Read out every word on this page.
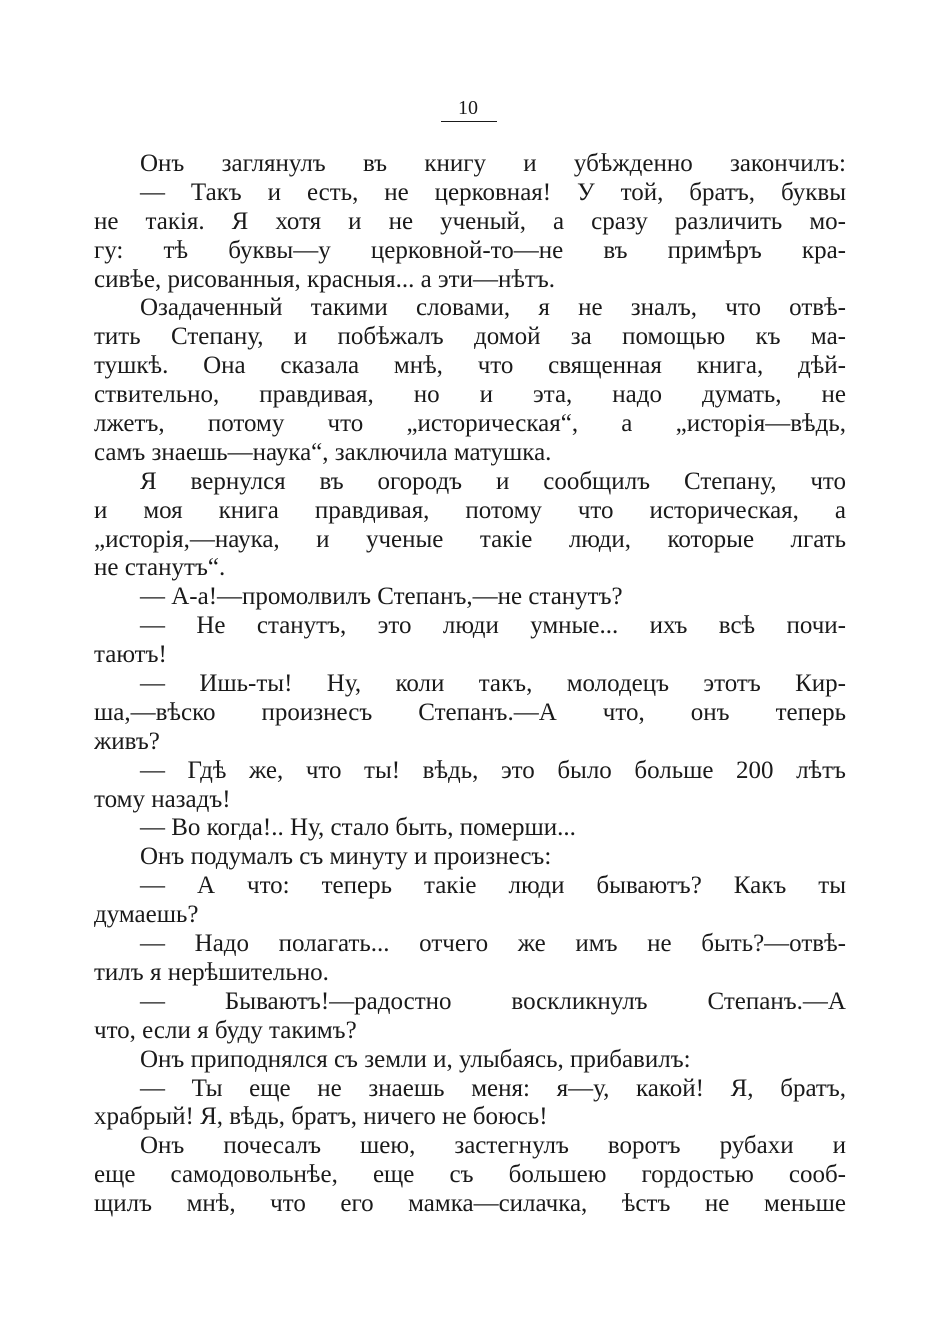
10
Онъ заглянулъ въ книгу и убѣжденно закончилъ:
— Такъ и есть, не церковная! У той, братъ, буквы
не такія. Я хотя и не ученый, а сразу различить мо-
гу: тѣ буквы—у церковной-то—не въ примѣръ кра-
сивѣе, рисованныя, красныя... а эти—нѣтъ.
Озадаченный такими словами, я не зналъ, что отвѣ-
тить Степану, и побѣжалъ домой за помощью къ ма-
тушкѣ. Она сказала мнѣ, что священная книга, дѣй-
ствительно, правдивая, но и эта, надо думать, не
лжетъ, потому что „историческая“, а „исторія—вѣдь,
самъ знаешь—наука“, заключила матушка.
Я вернулся въ огородъ и сообщилъ Степану, что
и моя книга правдивая, потому что историческая, а
„исторія,—наука, и ученые такіе люди, которые лгать
не станутъ“.
— А-а!—промолвилъ Степанъ,—не станутъ?
— Не станутъ, это люди умные... ихъ всѣ почи-
таютъ!
— Ишь-ты! Ну, коли такъ, молодецъ этотъ Кир-
ша,—вѣско произнесъ Степанъ.—А что, онъ теперь
живъ?
— Гдѣ же, что ты! вѣдь, это было больше 200 лѣтъ
тому назадъ!
— Во когда!.. Ну, стало быть, померши...
Онъ подумалъ съ минуту и произнесъ:
— А что: теперь такіе люди бываютъ? Какъ ты
думаешь?
— Надо полагать... отчего же имъ не быть?—отвѣ-
тилъ я нерѣшительно.
— Бываютъ!—радостно воскликнулъ Степанъ.—А
что, если я буду такимъ?
Онъ приподнялся съ земли и, улыбаясь, прибавилъ:
— Ты еще не знаешь меня: я—у, какой! Я, братъ,
храбрый! Я, вѣдь, братъ, ничего не боюсь!
Онъ почесалъ шею, застегнулъ воротъ рубахи и
еще самодовольнѣе, еще съ большею гордостью сооб-
щилъ мнѣ, что его мамка—силачка, ѣстъ не меньше
